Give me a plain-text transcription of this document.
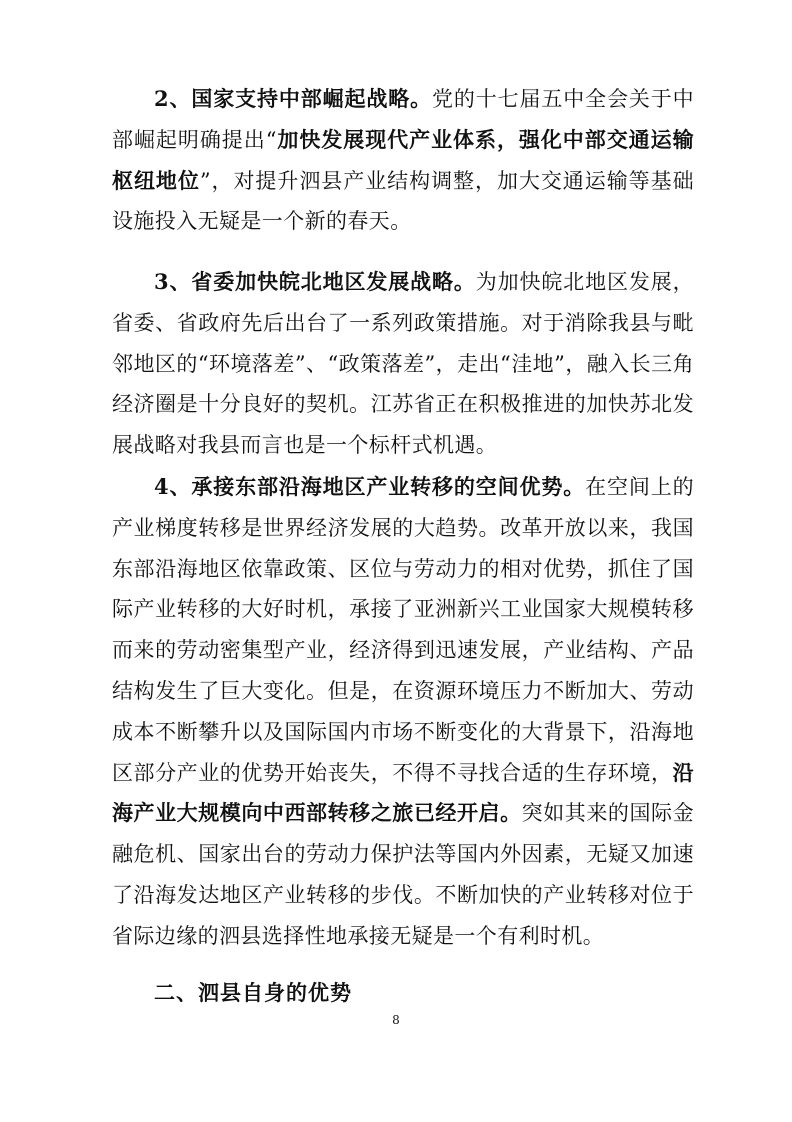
2、国家支持中部崛起战略。党的十七届五中全会关于中部崛起明确提出“加快发展现代产业体系，强化中部交通运输枢纽地位”，对提升泗县产业结构调整，加大交通运输等基础设施投入无疑是一个新的春天。

3、省委加快皖北地区发展战略。为加快皖北地区发展，省委、省政府先后出台了一系列政策措施。对于消除我县与毗邻地区的“环境落差”、“政策落差”，走出“洼地”，融入长三角经济圈是十分良好的契机。江苏省正在积极推进的加快苏北发展战略对我县而言也是一个标杆式机遇。

4、承接东部沿海地区产业转移的空间优势。在空间上的产业梯度转移是世界经济发展的大趋势。改革开放以来，我国东部沿海地区依靠政策、区位与劳动力的相对优势，抓住了国际产业转移的大好时机，承接了亚洲新兴工业国家大规模转移而来的劳动密集型产业，经济得到迅速发展，产业结构、产品结构发生了巨大变化。但是，在资源环境压力不断加大、劳动成本不断攀升以及国际国内市场不断变化的大背景下，沿海地区部分产业的优势开始丧失，不得不寻找合适的生存环境，沿海产业大规模向中西部转移之旅已经开启。突如其来的国际金融危机、国家出台的劳动力保护法等国内外因素，无疑又加速了沿海发达地区产业转移的步伐。不断加快的产业转移对位于省际边缘的泗县选择性地承接无疑是一个有利时机。

二、泗县自身的优势
8
